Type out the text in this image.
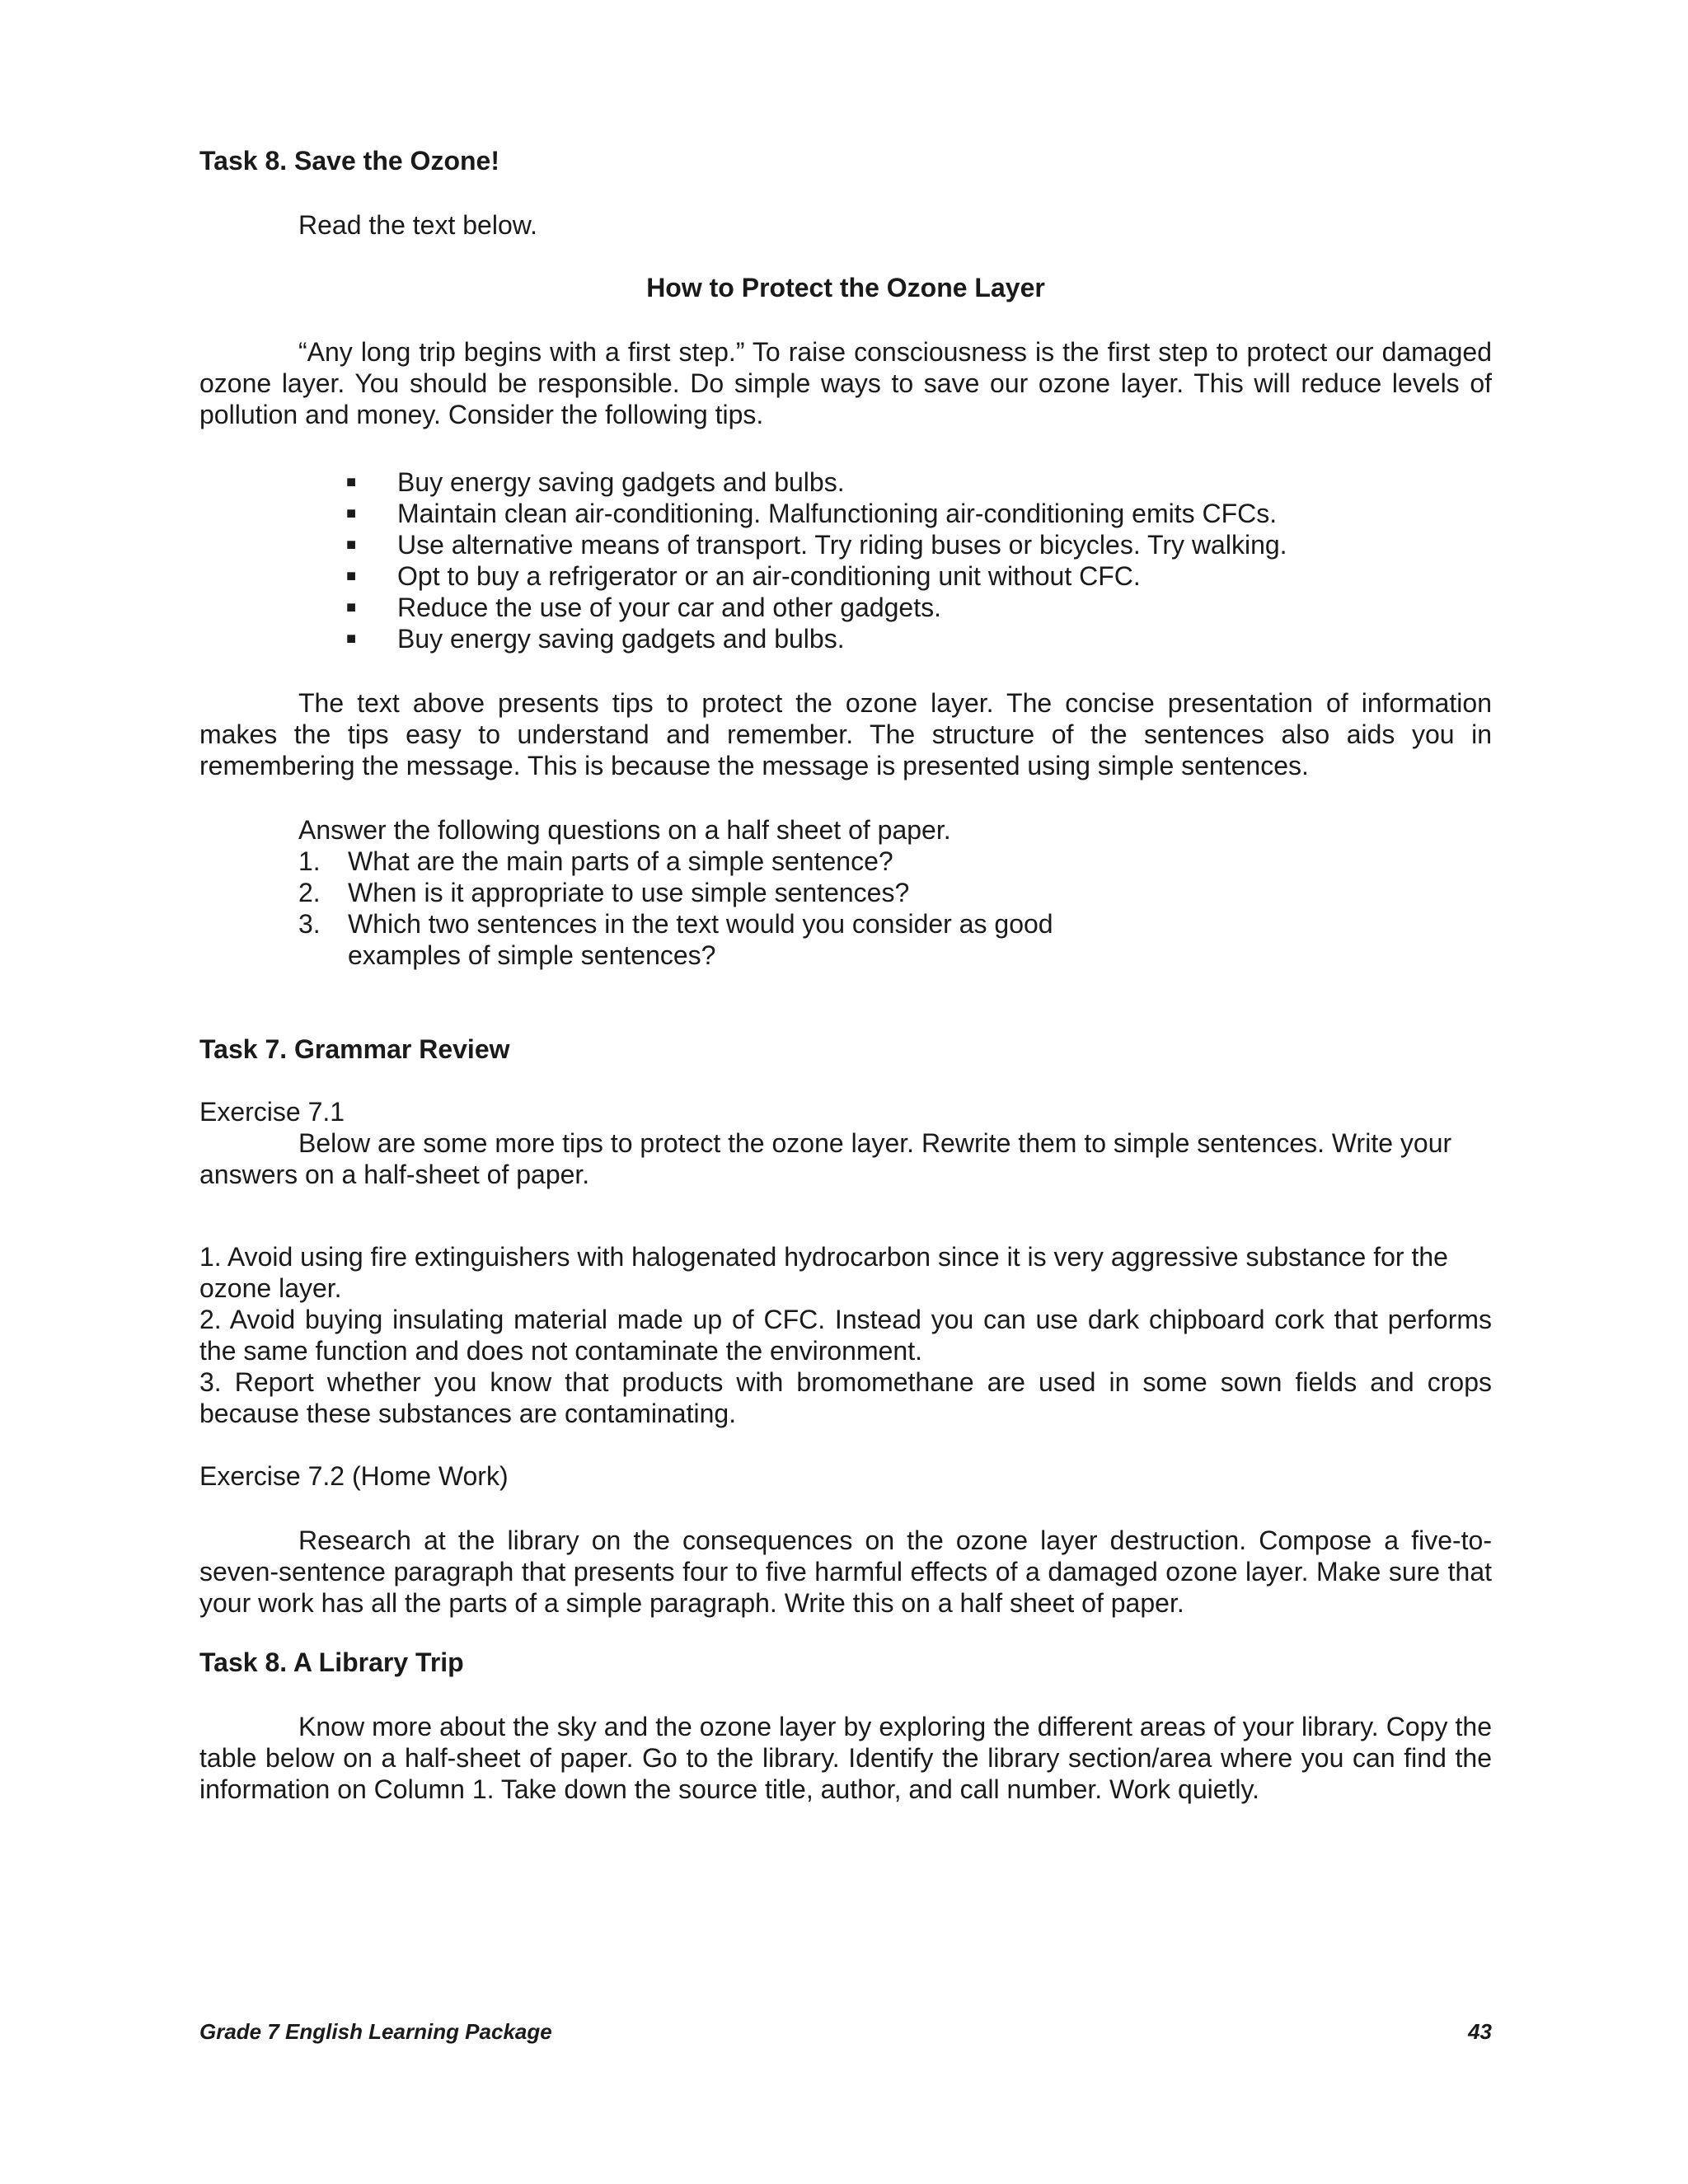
Task 8. Save the Ozone!

Read the text below.

How to Protect the Ozone Layer

“Any long trip begins with a first step.” To raise consciousness is the first step to protect our damaged ozone layer. You should be responsible. Do simple ways to save our ozone layer. This will reduce levels of pollution and money. Consider the following tips.

■ Buy energy saving gadgets and bulbs.
■ Maintain clean air-conditioning. Malfunctioning air-conditioning emits CFCs.
■ Use alternative means of transport. Try riding buses or bicycles. Try walking.
■ Opt to buy a refrigerator or an air-conditioning unit without CFC.
■ Reduce the use of your car and other gadgets.
■ Buy energy saving gadgets and bulbs.

The text above presents tips to protect the ozone layer. The concise presentation of information makes the tips easy to understand and remember. The structure of the sentences also aids you in remembering the message. This is because the message is presented using simple sentences.

Answer the following questions on a half sheet of paper.

1. What are the main parts of a simple sentence?
2. When is it appropriate to use simple sentences?
3. Which two sentences in the text would you consider as good
examples of simple sentences?

Task 7. Grammar Review

Exercise 7.1

Below are some more tips to protect the ozone layer. Rewrite them to simple sentences. Write your answers on a half-sheet of paper.

1. Avoid using fire extinguishers with halogenated hydrocarbon since it is very aggressive substance for the ozone layer.

2. Avoid buying insulating material made up of CFC. Instead you can use dark chipboard cork that performs the same function and does not contaminate the environment.

3. Report whether you know that products with bromomethane are used in some sown fields and crops because these substances are contaminating.

Exercise 7.2 (Home Work)

Research at the library on the consequences on the ozone layer destruction. Compose a five-to-seven-sentence paragraph that presents four to five harmful effects of a damaged ozone layer. Make sure that your work has all the parts of a simple paragraph. Write this on a half sheet of paper.

Task 8. A Library Trip

Know more about the sky and the ozone layer by exploring the different areas of your library. Copy the table below on a half-sheet of paper. Go to the library. Identify the library section/area where you can find the information on Column 1. Take down the source title, author, and call number. Work quietly.

Grade 7 English Learning Package	43
